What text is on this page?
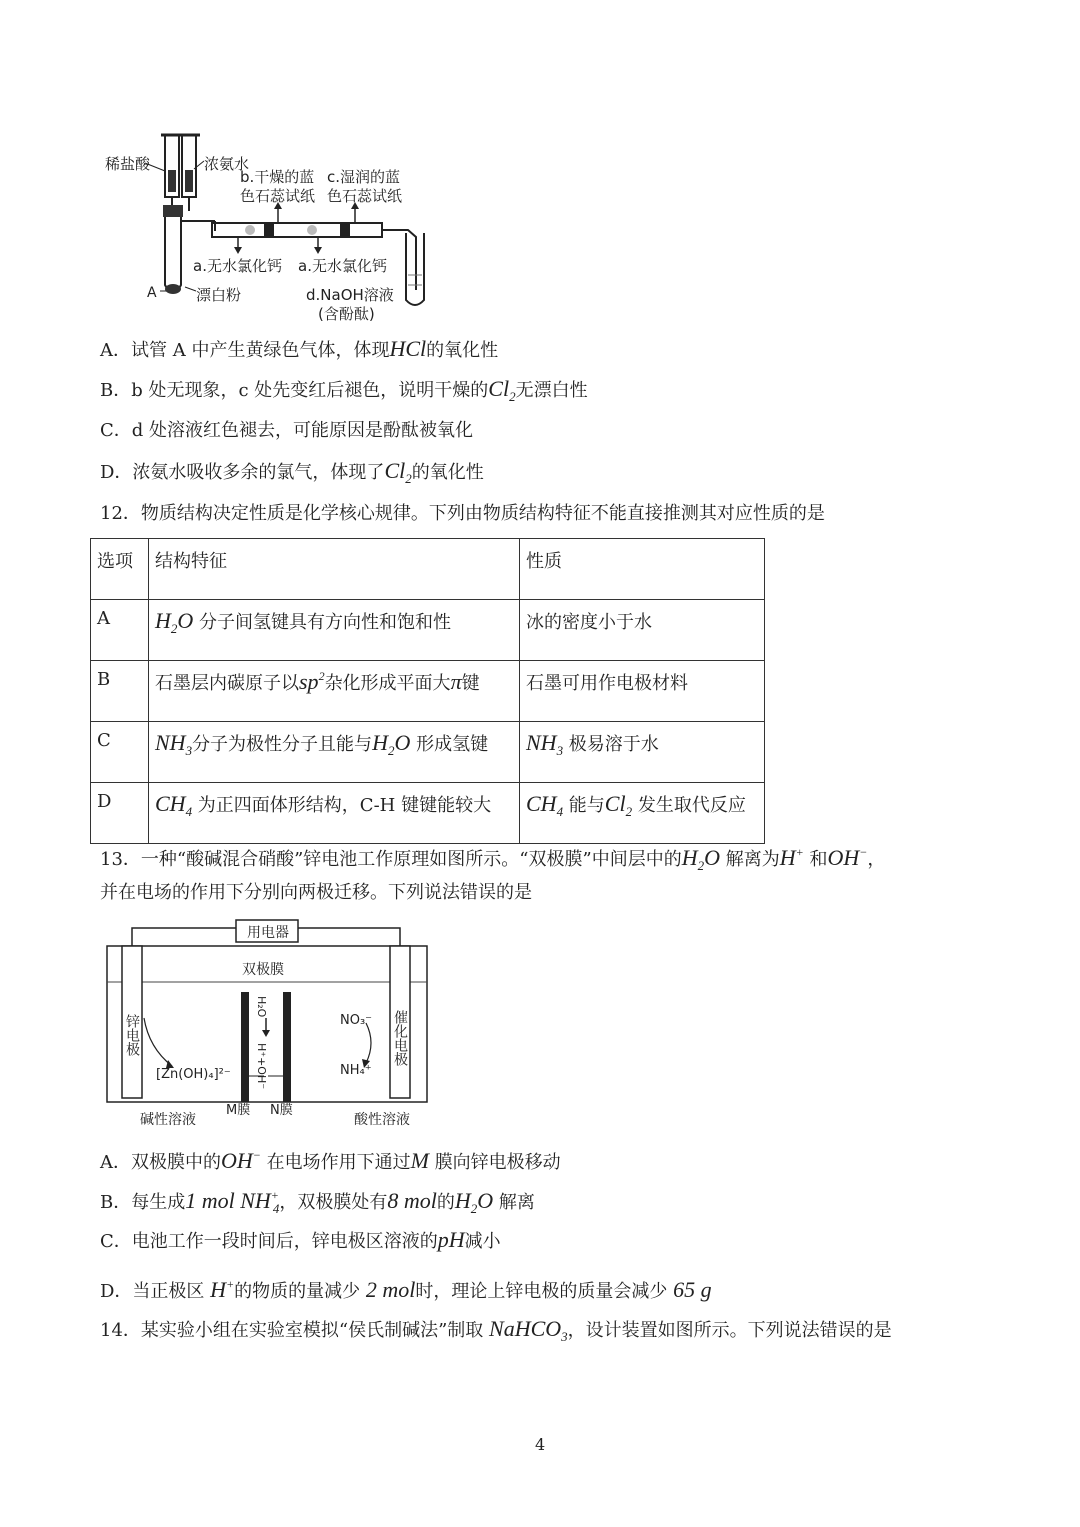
稀盐酸	浓氨水
b.干燥的蓝
色石蕊试纸
c.湿润的蓝
色石蕊试纸
a.无水氯化钙 a.无水氯化钙
A	漂白粉	d.NaOH溶液
(含酚酞)
A．试管 A 中产生黄绿色气体，体现HCl的氧化性
B．b 处无现象，c 处先变红后褪色，说明干燥的$Cl_2$无漂白性
C．d 处溶液红色褪去，可能原因是酚酞被氧化
D．浓氨水吸收多余的氯气，体现了$Cl_2$的氧化性
12．物质结构决定性质是化学核心规律。下列由物质结构特征不能直接推测其对应性质的是
选项	结构特征	性质
A	$H_2O$ 分子间氢键具有方向性和饱和性	冰的密度小于水
B	石墨层内碳原子以$sp^2$杂化形成平面大π键	石墨可用作电极材料
C	$NH_3$分子为极性分子且能与$H_2O$ 形成氢键	$NH_3$ 极易溶于水
D	$CH_4$ 为正四面体形结构，C-H 键键能较大	$CH_4$ 能与$Cl_2$ 发生取代反应
13．一种“酸碱混合硝酸”锌电池工作原理如图所示。“双极膜”中间层中的$H_2O$ 解离为H+ 和OH−，
并在电场的作用下分别向两极迁移。下列说法错误的是
用电器
双极膜
锌电极	催化电极
[Zn(OH)₄]²⁻
NO₃⁻
NH₄⁺
H₂O
H⁺+OH⁻
M膜 N膜
碱性溶液	酸性溶液
A．双极膜中的OH− 在电场作用下通过M 膜向锌电极移动
B．每生成1 mol $NH^+_4$，双极膜处有8 mol的$H_2O$ 解离
C．电池工作一段时间后，锌电极区溶液的pH减小
D．当正极区 H+的物质的量减少 2 mol时，理论上锌电极的质量会减少 65 g
14．某实验小组在实验室模拟“侯氏制碱法”制取 NaHCO$_3$，设计装置如图所示。下列说法错误的是
4
